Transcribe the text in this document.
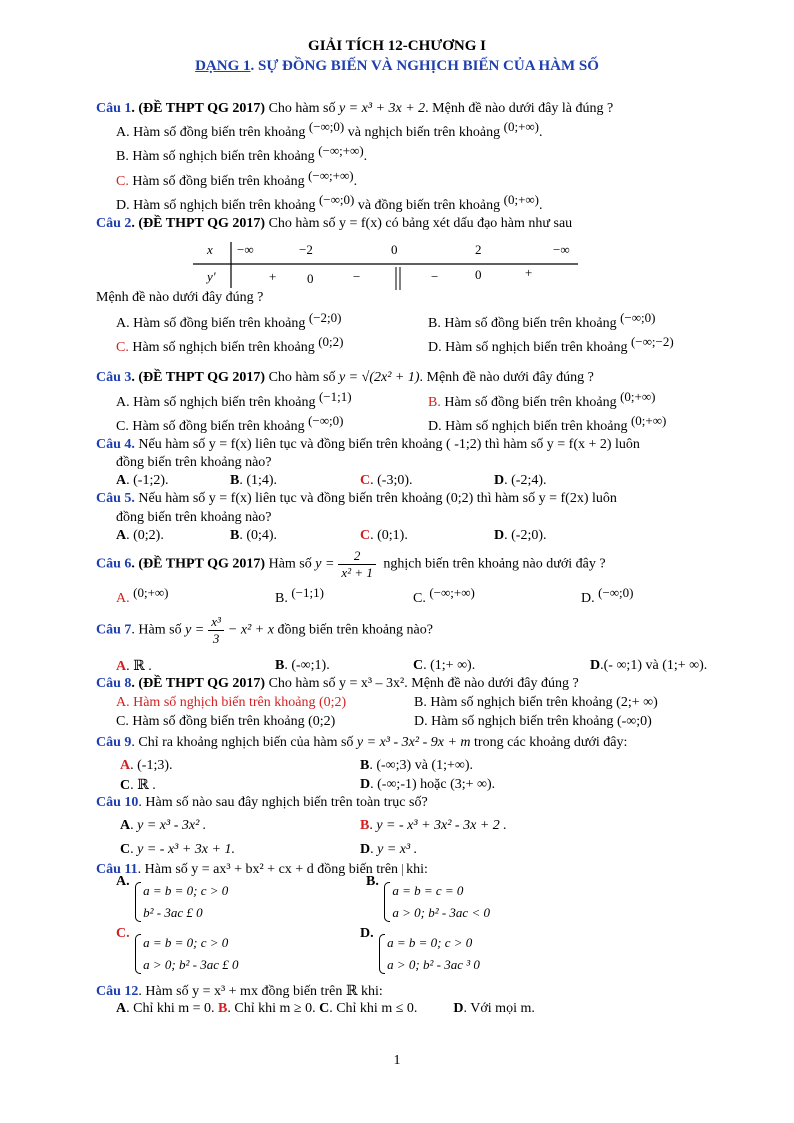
GIẢI TÍCH 12-CHƯƠNG I
DẠNG 1. SỰ ĐỒNG BIẾN VÀ NGHỊCH BIẾN CỦA HÀM SỐ
Câu 1. (ĐỀ THPT QG 2017) Cho hàm số y = x³ + 3x + 2. Mệnh đề nào dưới đây là đúng ?
A. Hàm số đồng biến trên khoảng (−∞;0) và nghịch biến trên khoảng (0;+∞).
B. Hàm số nghịch biến trên khoảng (−∞;+∞).
C. Hàm số đồng biến trên khoảng (−∞;+∞).
D. Hàm số nghịch biến trên khoảng (−∞;0) và đồng biến trên khoảng (0;+∞).
Câu 2. (ĐỀ THPT QG 2017) Cho hàm số y = f(x) có bảng xét dấu đạo hàm như sau
x −∞	−2	0	2	−∞
y'	+ 0	−	−	0	+
Mệnh đề nào dưới đây đúng ?
A. Hàm số đồng biến trên khoảng (−2;0)	B. Hàm số đồng biến trên khoảng (−∞;0)
C. Hàm số nghịch biến trên khoảng (0;2)	D. Hàm số nghịch biến trên khoảng (−∞;−2)
Câu 3. (ĐỀ THPT QG 2017) Cho hàm số y = √(2x² + 1). Mệnh đề nào dưới đây đúng ?
A. Hàm số nghịch biến trên khoảng (−1;1)	B. Hàm số đồng biến trên khoảng (0;+∞)
C. Hàm số đồng biến trên khoảng (−∞;0)	D. Hàm số nghịch biến trên khoảng (0;+∞)
Câu 4. Nếu hàm số y = f(x) liên tục và đồng biến trên khoảng ( -1;2) thì hàm số y = f(x + 2) luôn
đồng biến trên khoảng nào?
A. (-1;2).	B. (1;4).	C. (-3;0).	D. (-2;4).
Câu 5. Nếu hàm số y = f(x) liên tục và đồng biến trên khoảng (0;2) thì hàm số y = f(2x) luôn
đồng biến trên khoảng nào?
A. (0;2).	B. (0;4).	C. (0;1).	D. (-2;0).
Câu 6. (ĐỀ THPT QG 2017) Hàm số $y = \frac{2}{\text{x² + 1}}$ nghịch biến trên khoảng nào dưới đây ?
A. (0;+∞)	B. (−1;1)	C. (−∞;+∞)	D. (−∞;0)
Câu 7. Hàm số $y = \frac{\text{x³}}{3} - x^2 + x$ đồng biến trên khoảng nào?
A. ℝ .	B. (-∞;1).	C. (1;+ ∞).	D.(- ∞;1) và (1;+ ∞).
Câu 8. (ĐỀ THPT QG 2017) Cho hàm số y = x³ – 3x². Mệnh đề nào dưới đây đúng ?
A. Hàm số nghịch biến trên khoảng (0;2)	B. Hàm số nghịch biến trên khoảng (2;+ ∞)
C. Hàm số đồng biến trên khoảng (0;2)	D. Hàm số nghịch biến trên khoảng (-∞;0)
Câu 9. Chỉ ra khoảng nghịch biến của hàm số y = x³ - 3x² - 9x + m trong các khoảng dưới đây:
A. (-1;3).	B. (-∞;3) và (1;+∞).
C. ℝ .	D. (-∞;-1) hoặc (3;+ ∞).
Câu 10. Hàm số nào sau đây nghịch biến trên toàn trục số?
A. y = x³ - 3x² .	B. y = - x³ + 3x² - 3x + 2 .
C. y = - x³ + 3x + 1.	D. y = x³ .
Câu 11. Hàm số y = ax³ + bx² + cx + d đồng biến trên  khi:
A.
a = b = 0; c > 0
b² - 3ac £ 0
B.
a = b = c = 0
a > 0; b² - 3ac < 0
C.
a = b = 0; c > 0
a > 0; b² - 3ac £ 0
D.
a = b = 0; c > 0
a > 0; b² - 3ac ³ 0
Câu 12. Hàm số y = x³ + mx đồng biến trên ℝ khi:
A. Chỉ khi m = 0. B. Chỉ khi m ≥ 0. C. Chỉ khi m ≤ 0.	D. Với mọi m.
1
